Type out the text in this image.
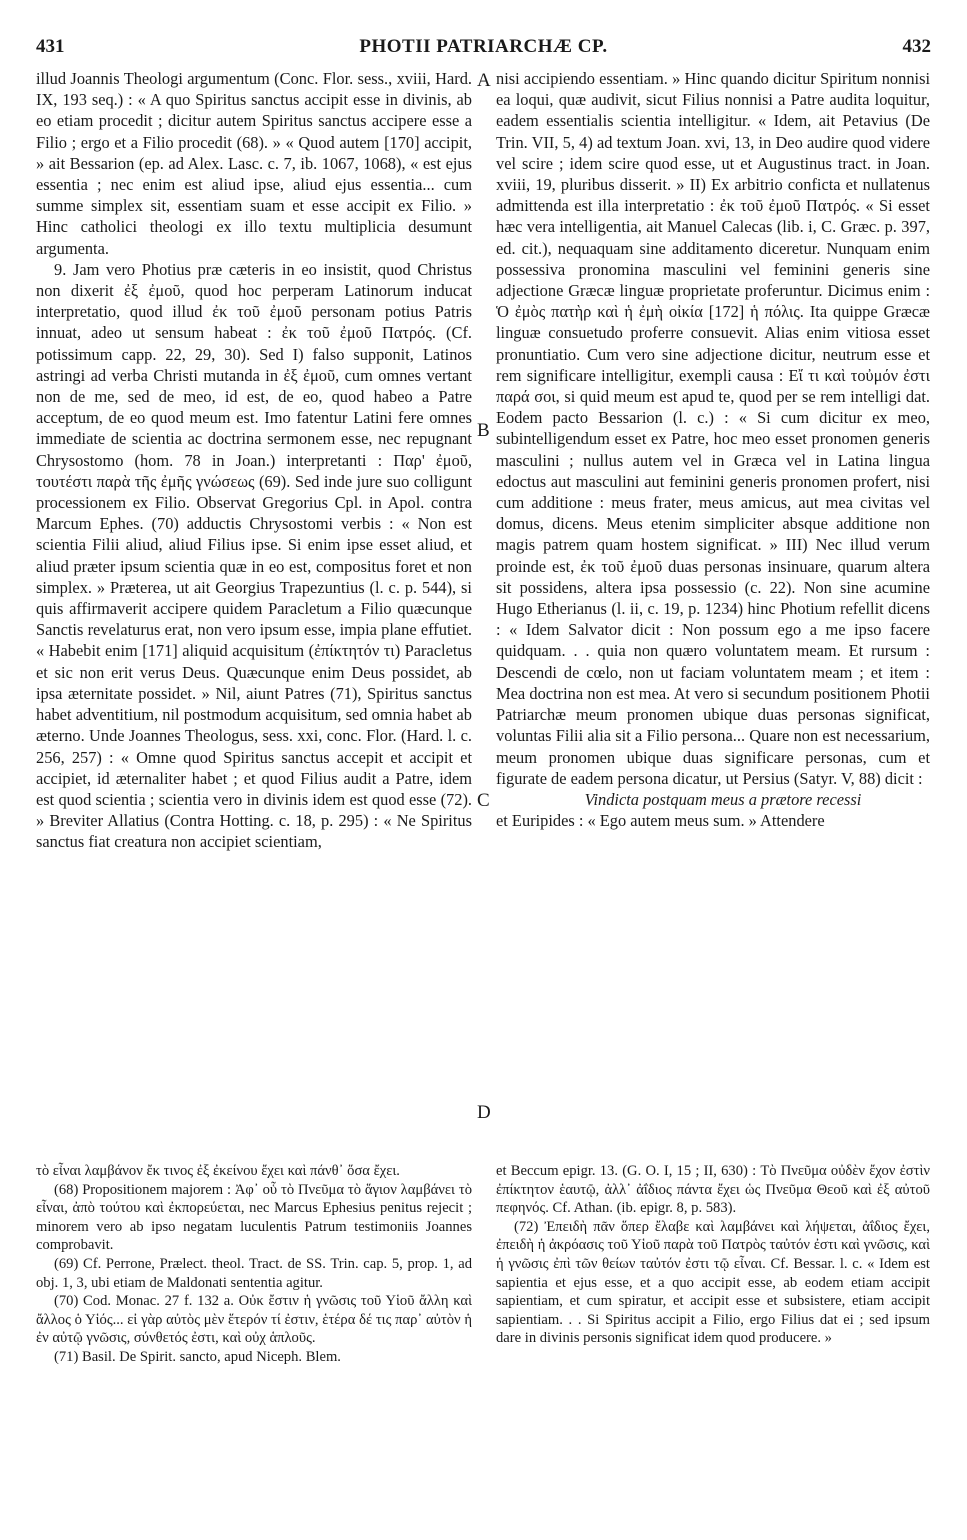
431	PHOTII PATRIARCHÆ CP.	432

illud Joannis Theologi argumentum (Conc. Flor. sess., xviii, Hard. IX, 193 seq.) : « A quo Spiritus sanctus accipit esse in divinis, ab eo etiam procedit ; dicitur autem Spiritus sanctus accipere esse a Filio ; ergo et a Filio procedit (68). » « Quod autem [170] accipit, » ait Bessarion (ep. ad Alex. Lasc. c. 7, ib. 1067, 1068), « est ejus essentia ; nec enim est aliud ipse, aliud ejus essentia... cum summe simplex sit, essentiam suam et esse accipit ex Filio. » Hinc catholici theologi ex illo textu multiplicia desumunt argumenta.

9. Jam vero Photius præ cæteris in eo insistit, quod Christus non dixerit ἐξ ἐμοῦ, quod hoc perperam Latinorum inducat interpretatio, quod illud ἐκ τοῦ ἐμοῦ personam potius Patris innuat, adeo ut sensum habeat : ἐκ τοῦ ἐμοῦ Πατρός. (Cf. potissimum capp. 22, 29, 30). Sed I) falso supponit, Latinos astringi ad verba Christi mutanda in ἐξ ἐμοῦ, cum omnes vertant non de me, sed de meo, id est, de eo, quod habeo a Patre acceptum, de eo quod meum est. Imo fatentur Latini fere omnes immediate de scientia ac doctrina sermonem esse, nec repugnant Chrysostomo (hom. 78 in Joan.) interpretanti : Παρ' ἐμοῦ, τουτέστι παρὰ τῆς ἐμῆς γνώσεως (69). Sed inde jure suo colligunt processionem ex Filio. Observat Gregorius Cpl. in Apol. contra Marcum Ephes. (70) adductis Chrysostomi verbis : « Non est scientia Filii aliud, aliud Filius ipse. Si enim ipse esset aliud, et aliud præter ipsum scientia quæ in eo est, compositus foret et non simplex. » Præterea, ut ait Georgius Trapezuntius (l. c. p. 544), si quis affirmaverit accipere quidem Paracletum a Filio quæcunque Sanctis revelaturus erat, non vero ipsum esse, impia plane effutiet. « Habebit enim [171] aliquid acquisitum (ἐπίκτητόν τι) Paracletus et sic non erit verus Deus. Quæcunque enim Deus possidet, ab ipsa æternitate possidet. » Nil, aiunt Patres (71), Spiritus sanctus habet adventitium, nil postmodum acquisitum, sed omnia habet ab æterno. Unde Joannes Theologus, sess. xxi, conc. Flor. (Hard. l. c. 256, 257) : « Omne quod Spiritus sanctus accepit et accipit et accipiet, id æternaliter habet ; et quod Filius audit a Patre, idem est quod scientia ; scientia vero in divinis idem est quod esse (72). » Breviter Allatius (Contra Hotting. c. 18, p. 295) : « Ne Spiritus sanctus fiat creatura non accipiet scientiam,

nisi accipiendo essentiam. » Hinc quando dicitur Spiritum nonnisi ea loqui, quæ audivit, sicut Filius nonnisi a Patre audita loquitur, eadem essentialis scientia intelligitur. « Idem, ait Petavius (De Trin. VII, 5, 4) ad textum Joan. xvi, 13, in Deo audire quod videre vel scire ; idem scire quod esse, ut et Augustinus tract. in Joan. xviii, 19, pluribus disserit. » II) Ex arbitrio conficta et nullatenus admittenda est illa interpretatio : ἐκ τοῦ ἐμοῦ Πατρός. « Si esset hæc vera intelligentia, ait Manuel Calecas (lib. i, C. Græc. p. 397, ed. cit.), nequaquam sine additamento diceretur. Nunquam enim possessiva pronomina masculini vel feminini generis sine adjectione Græcæ linguæ proprietate proferuntur. Dicimus enim : Ὁ ἐμὸς πατὴρ καὶ ἡ ἐμὴ οἰκία [172] ἡ πόλις. Ita quippe Græcæ linguæ consuetudo proferre consuevit. Alias enim vitiosa esset pronuntiatio. Cum vero sine adjectione dicitur, neutrum esse et rem significare intelligitur, exempli causa : Εἴ τι καὶ τοὐμόν ἐστι παρά σοι, si quid meum est apud te, quod per se rem intelligi dat. Eodem pacto Bessarion (l. c.) : « Si cum dicitur ex meo, subintelligendum esset ex Patre, hoc meo esset pronomen generis masculini ; nullus autem vel in Græca vel in Latina lingua edoctus aut masculini aut feminini generis pronomen profert, nisi cum additione : meus frater, meus amicus, aut mea civitas vel domus, dicens. Meus etenim simpliciter absque additione non magis patrem quam hostem significat. » III) Nec illud verum proinde est, ἐκ τοῦ ἐμοῦ duas personas insinuare, quarum altera sit possidens, altera ipsa possessio (c. 22). Non sine acumine Hugo Etherianus (l. ii, c. 19, p. 1234) hinc Photium refellit dicens : « Idem Salvator dicit : Non possum ego a me ipso facere quidquam. . . quia non quæro voluntatem meam. Et rursum : Descendi de cœlo, non ut faciam voluntatem meam ; et item : Mea doctrina non est mea. At vero si secundum positionem Photii Patriarchæ meum pronomen ubique duas personas significat, voluntas Filii alia sit a Filio persona... Quare non est necessarium, meum pronomen ubique duas significare personas, cum et figurate de eadem persona dicatur, ut Persius (Satyr. V, 88) dicit :

Vindicta postquam meus a prætore recessi

et Euripides : « Ego autem meus sum. » Attendere

A
B
C
D

τὸ εἶναι λαμβάνον ἔκ τινος ἐξ ἐκείνου ἔχει καὶ πάνθ᾽ ὅσα ἔχει.

(68) Propositionem majorem : Ἀφ᾽ οὗ τὸ Πνεῦμα τὸ ἅγιον λαμβάνει τὸ εἶναι, ἀπὸ τούτου καὶ ἐκπορεύεται, nec Marcus Ephesius penitus rejecit ; minorem vero ab ipso negatam luculentis Patrum testimoniis Joannes comprobavit.

(69) Cf. Perrone, Prælect. theol. Tract. de SS. Trin. cap. 5, prop. 1, ad obj. 1, 3, ubi etiam de Maldonati sententia agitur.

(70) Cod. Monac. 27 f. 132 a. Οὐκ ἔστιν ἡ γνῶσις τοῦ Υἱοῦ ἄλλη καὶ ἄλλος ὁ Υἱός... εἰ γὰρ αὐτὸς μὲν ἕτερόν τί ἐστιν, ἑτέρα δέ τις παρ᾽ αὐτὸν ἡ ἐν αὐτῷ γνῶσις, σύνθετός ἐστι, καὶ οὐχ ἁπλοῦς.

(71) Basil. De Spirit. sancto, apud Niceph. Blem.

et Beccum epigr. 13. (G. O. I, 15 ; II, 630) : Τὸ Πνεῦμα οὐδὲν ἔχον ἐστὶν ἐπίκτητον ἑαυτῷ, ἀλλ᾽ ἀΐδιος πάντα ἔχει ὡς Πνεῦμα Θεοῦ καὶ ἐξ αὐτοῦ πεφηνός. Cf. Athan. (ib. epigr. 8, p. 583).

(72) Ἐπειδὴ πᾶν ὅπερ ἔλαβε καὶ λαμβάνει καὶ λήψεται, ἀΐδιος ἔχει, ἐπειδὴ ἡ ἀκρόασις τοῦ Υἱοῦ παρὰ τοῦ Πατρὸς ταὐτόν ἐστι καὶ γνῶσις, καὶ ἡ γνῶσις ἐπὶ τῶν θείων ταὐτόν ἐστι τῷ εἶναι. Cf. Bessar. l. c. « Idem est sapientia et ejus esse, et a quo accipit esse, ab eodem etiam accipit sapientiam, et cum spiratur, et accipit esse et subsistere, etiam accipit sapientiam. . . Si Spiritus accipit a Filio, ergo Filius dat ei ; sed ipsum dare in divinis personis significat idem quod producere. »
